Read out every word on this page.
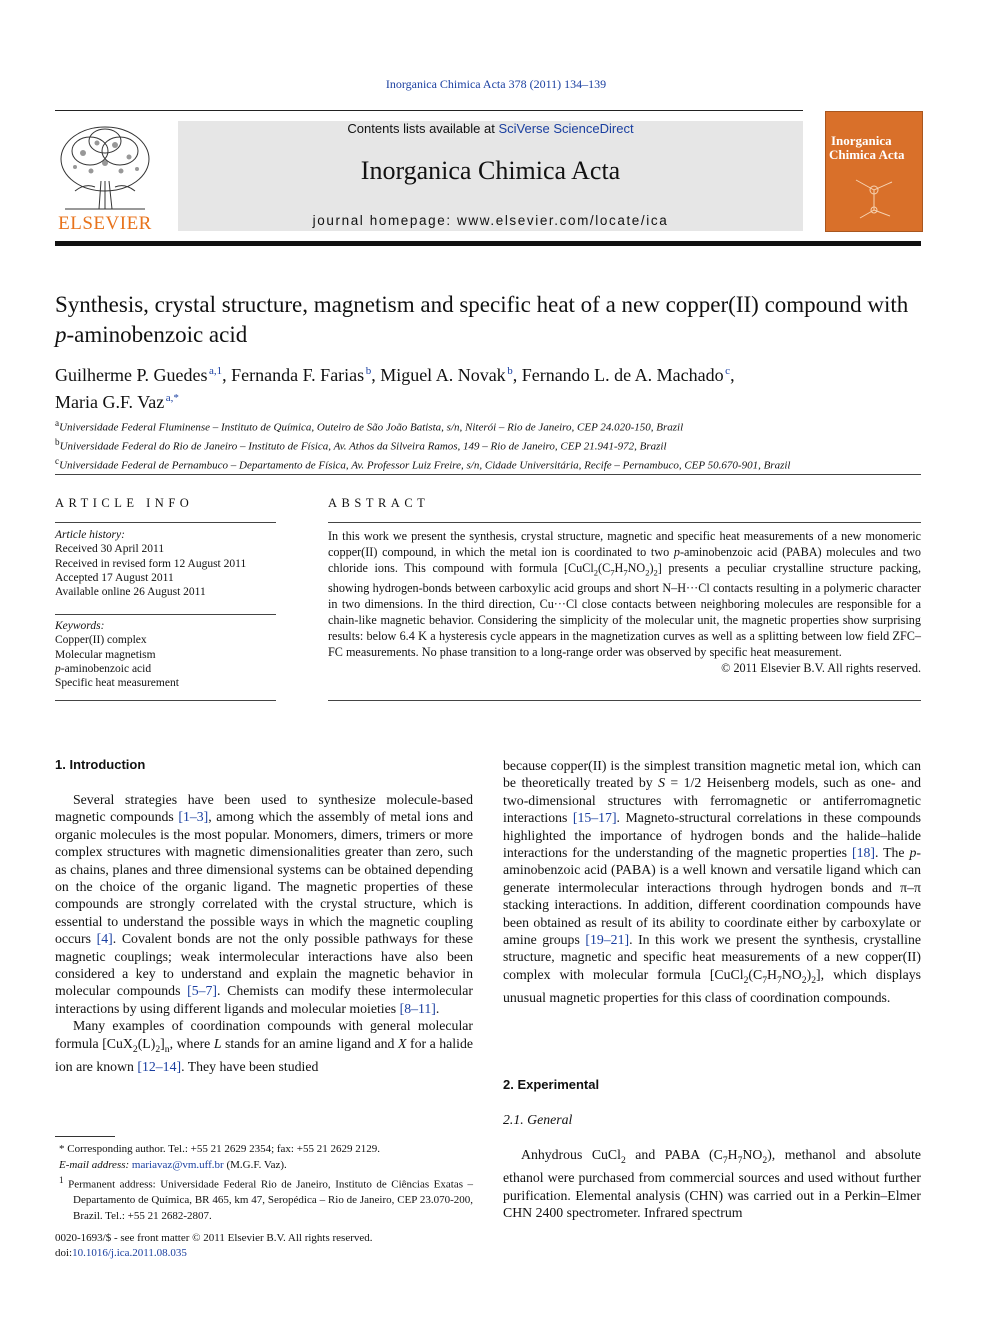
Inorganica Chimica Acta 378 (2011) 134–139
ELSEVIER
Contents lists available at SciVerse ScienceDirect
Inorganica Chimica Acta
journal homepage: www.elsevier.com/locate/ica
Inorganica
Chimica Acta
Synthesis, crystal structure, magnetism and specific heat of a new copper(II) compound with p-aminobenzoic acid
Guilherme P. Guedes  $^{a,1}$, Fernanda F. Farias  $^b$, Miguel A. Novak  $^b$, Fernando L. de A. Machado  $^c$,
Maria G.F. Vaz  $^{a,*}$
$^a$Universidade Federal Fluminense – Instituto de Química, Outeiro de São João Batista, s/n, Niterói – Rio de Janeiro, CEP 24.020-150, Brazil
$^b$Universidade Federal do Rio de Janeiro – Instituto de Física, Av. Athos da Silveira Ramos, 149 – Rio de Janeiro, CEP 21.941-972, Brazil
$^c$Universidade Federal de Pernambuco – Departamento de Física, Av. Professor Luiz Freire, s/n, Cidade Universitária, Recife – Pernambuco, CEP 50.670-901, Brazil
ARTICLE INFO
Article history:
Received 30 April 2011
Received in revised form 12 August 2011
Accepted 17 August 2011
Available online 26 August 2011
Keywords:
Copper(II) complex
Molecular magnetism
p-aminobenzoic acid
Specific heat measurement
ABSTRACT
In this work we present the synthesis, crystal structure, magnetic and specific heat measurements of a new monomeric copper(II) compound, in which the metal ion is coordinated to two p-aminobenzoic acid (PABA) molecules and two chloride ions. This compound with formula $[CuCl_2(C_7H_7NO_2)_2]$ presents a peculiar crystalline structure packing, showing hydrogen-bonds between carboxylic acid groups and short N–H···Cl contacts resulting in a polymeric character in two dimensions. In the third direction, Cu···Cl close contacts between neighboring molecules are responsible for a chain-like magnetic behavior. Considering the simplicity of the molecular unit, the magnetic properties show surprising results: below 6.4 K a hysteresis cycle appears in the magnetization curves as well as a splitting between low field ZFC–FC measurements. No phase transition to a long-range order was observed by specific heat measurement.
© 2011 Elsevier B.V. All rights reserved.
1. Introduction

Several strategies have been used to synthesize molecule-based magnetic compounds [1–3], among which the assembly of metal ions and organic molecules is the most popular. Monomers, dimers, trimers or more complex structures with magnetic dimensionalities greater than zero, such as chains, planes and three dimensional systems can be obtained depending on the choice of the organic ligand. The magnetic properties of these compounds are strongly correlated with the crystal structure, which is essential to understand the possible ways in which the magnetic coupling occurs [4]. Covalent bonds are not the only possible pathways for these magnetic couplings; weak intermolecular interactions have also been considered a key to understand and explain the magnetic behavior in molecular compounds [5–7]. Chemists can modify these intermolecular interactions by using different ligands and molecular moieties [8–11].

Many examples of coordination compounds with general molecular formula $[CuX_2(L)_2]_n$, where L stands for an amine ligand and X for a halide ion are known [12–14]. They have been studied

because copper(II) is the simplest transition magnetic metal ion, which can be theoretically treated by S = 1/2 Heisenberg models, such as one- and two-dimensional structures with ferromagnetic or antiferromagnetic interactions [15–17]. Magneto-structural correlations in these compounds highlighted the importance of hydrogen bonds and the halide–halide interactions for the understanding of the magnetic properties [18]. The p-aminobenzoic acid (PABA) is a well known and versatile ligand which can generate intermolecular interactions through hydrogen bonds and π–π stacking interactions. In addition, different coordination compounds have been obtained as result of its ability to coordinate either by carboxylate or amine groups [19–21]. In this work we present the synthesis, crystalline structure, magnetic and specific heat measurements of a new copper(II) complex with molecular formula $[CuCl_2(C_7H_7NO_2)_2]$, which displays unusual magnetic properties for this class of coordination compounds.

2. Experimental
2.1. General

Anhydrous CuCl$_2$ and PABA $(C_7H_7NO_2)$, methanol and absolute ethanol were purchased from commercial sources and used without further purification. Elemental analysis (CHN) was carried out in a Perkin–Elmer CHN 2400 spectrometer. Infrared spectrum

* Corresponding author. Tel.: +55 21 2629 2354; fax: +55 21 2629 2129.
E-mail address: mariavaz@vm.uff.br (M.G.F. Vaz).
$^1$ Permanent address: Universidade Federal Rio de Janeiro, Instituto de Ciências Exatas – Departamento de Química, BR 465, km 47, Seropédica – Rio de Janeiro, CEP 23.070-200, Brazil. Tel.: +55 21 2682-2807.
0020-1693/$ - see front matter © 2011 Elsevier B.V. All rights reserved.
doi:10.1016/j.ica.2011.08.035
